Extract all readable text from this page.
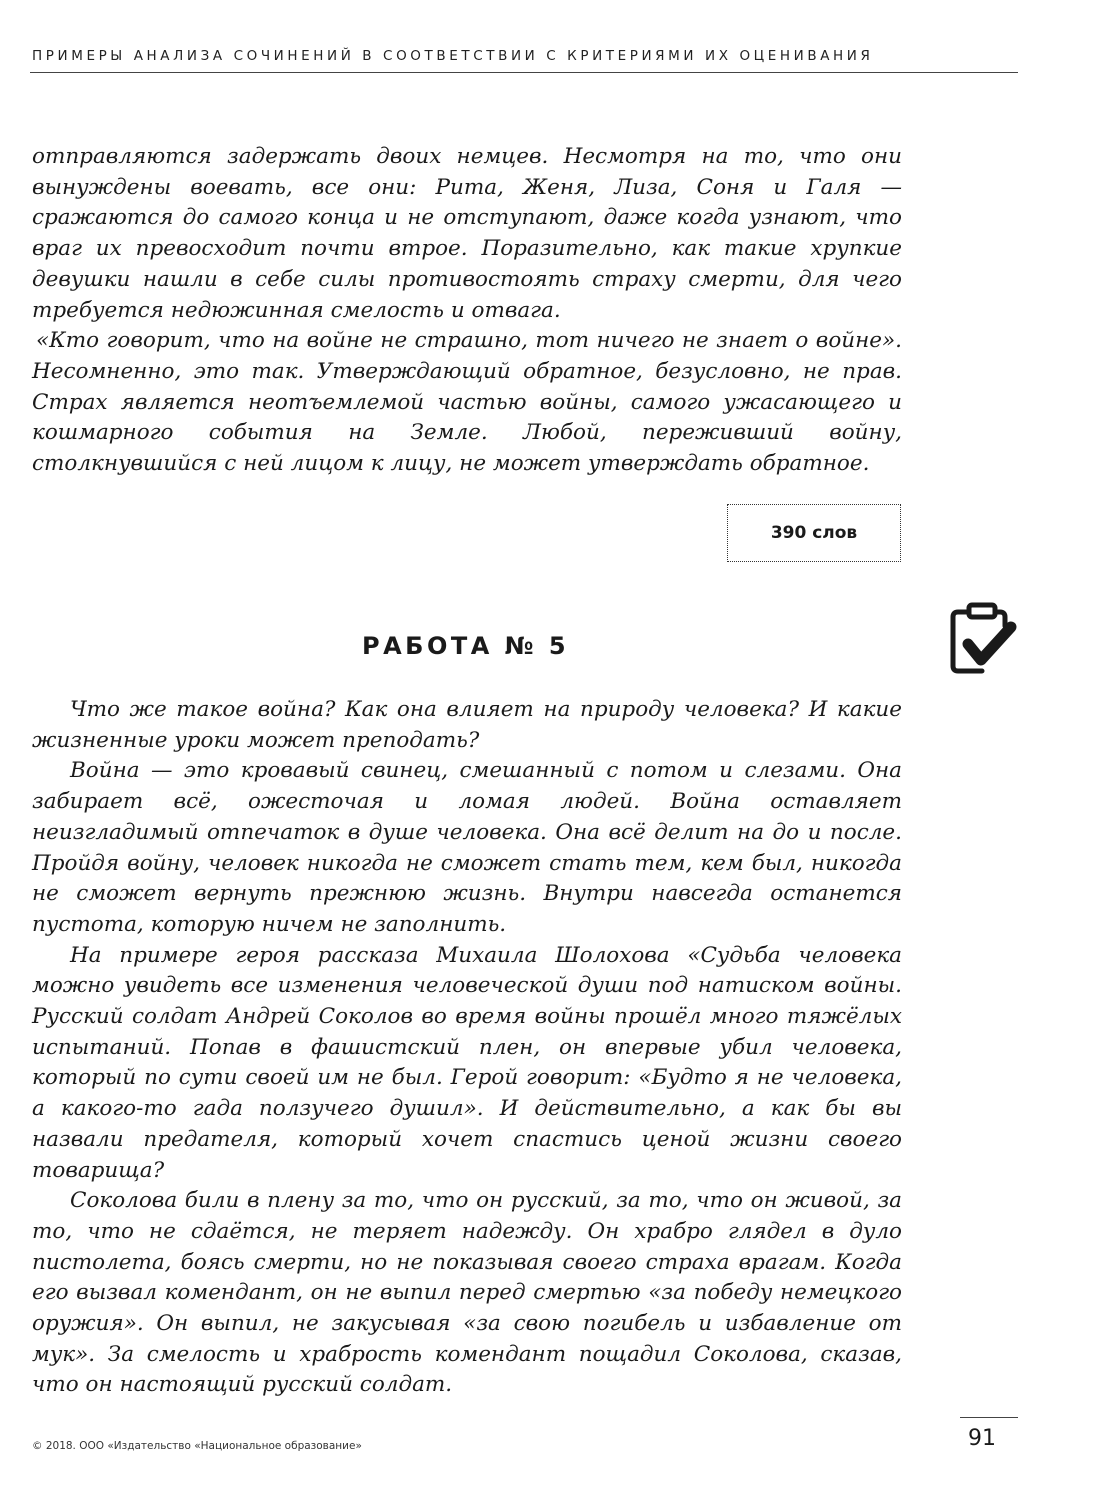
ПРИМЕРЫ АНАЛИЗА СОЧИНЕНИЙ В СООТВЕТСТВИИ С КРИТЕРИЯМИ ИХ ОЦЕНИВАНИЯ

отправляются задержать двоих немцев. Несмотря на то, что они вынуждены воевать, все они: Рита, Женя, Лиза, Соня и Галя — сражаются до самого конца и не отступают, даже когда узнают, что враг их превосходит почти втрое. Поразительно, как такие хрупкие девушки нашли в себе силы противостоять страху смерти, для чего требуется недюжинная смелость и отвага.

«Кто говорит, что на войне не страшно, тот ничего не знает о войне». Несомненно, это так. Утверждающий обратное, безусловно, не прав. Страх является неотъемлемой частью войны, самого ужасающего и кошмарного события на Земле. Любой, переживший войну, столкнувшийся с ней лицом к лицу, не может утверждать обратное.

390 слов
РАБОТА № 5

Что же такое война? Как она влияет на природу человека? И какие жизненные уроки может преподать?

Война — это кровавый свинец, смешанный с потом и слезами. Она забирает всё, ожесточая и ломая людей. Война оставляет неизгладимый отпечаток в душе человека. Она всё делит на до и после. Пройдя войну, человек никогда не сможет стать тем, кем был, никогда не сможет вернуть прежнюю жизнь. Внутри навсегда останется пустота, которую ничем не заполнить.

На примере героя рассказа Михаила Шолохова «Судьба человека можно увидеть все изменения человеческой души под натиском войны. Русский солдат Андрей Соколов во время войны прошёл много тяжёлых испытаний. Попав в фашистский плен, он впервые убил человека, который по сути своей им не был. Герой говорит: «Будто я не человека, а какого-то гада ползучего душил». И действительно, а как бы вы назвали предателя, который хочет спастись ценой жизни своего товарища?

Соколова били в плену за то, что он русский, за то, что он живой, за то, что не сдаётся, не теряет надежду. Он храбро глядел в дуло пистолета, боясь смерти, но не показывая своего страха врагам. Когда его вызвал комендант, он не выпил перед смертью «за победу немецкого оружия». Он выпил, не закусывая «за свою погибель и избавление от мук». За смелость и храбрость комендант пощадил Соколова, сказав, что он настоящий русский солдат.

© 2018. ООО «Издательство «Национальное образование»	91
